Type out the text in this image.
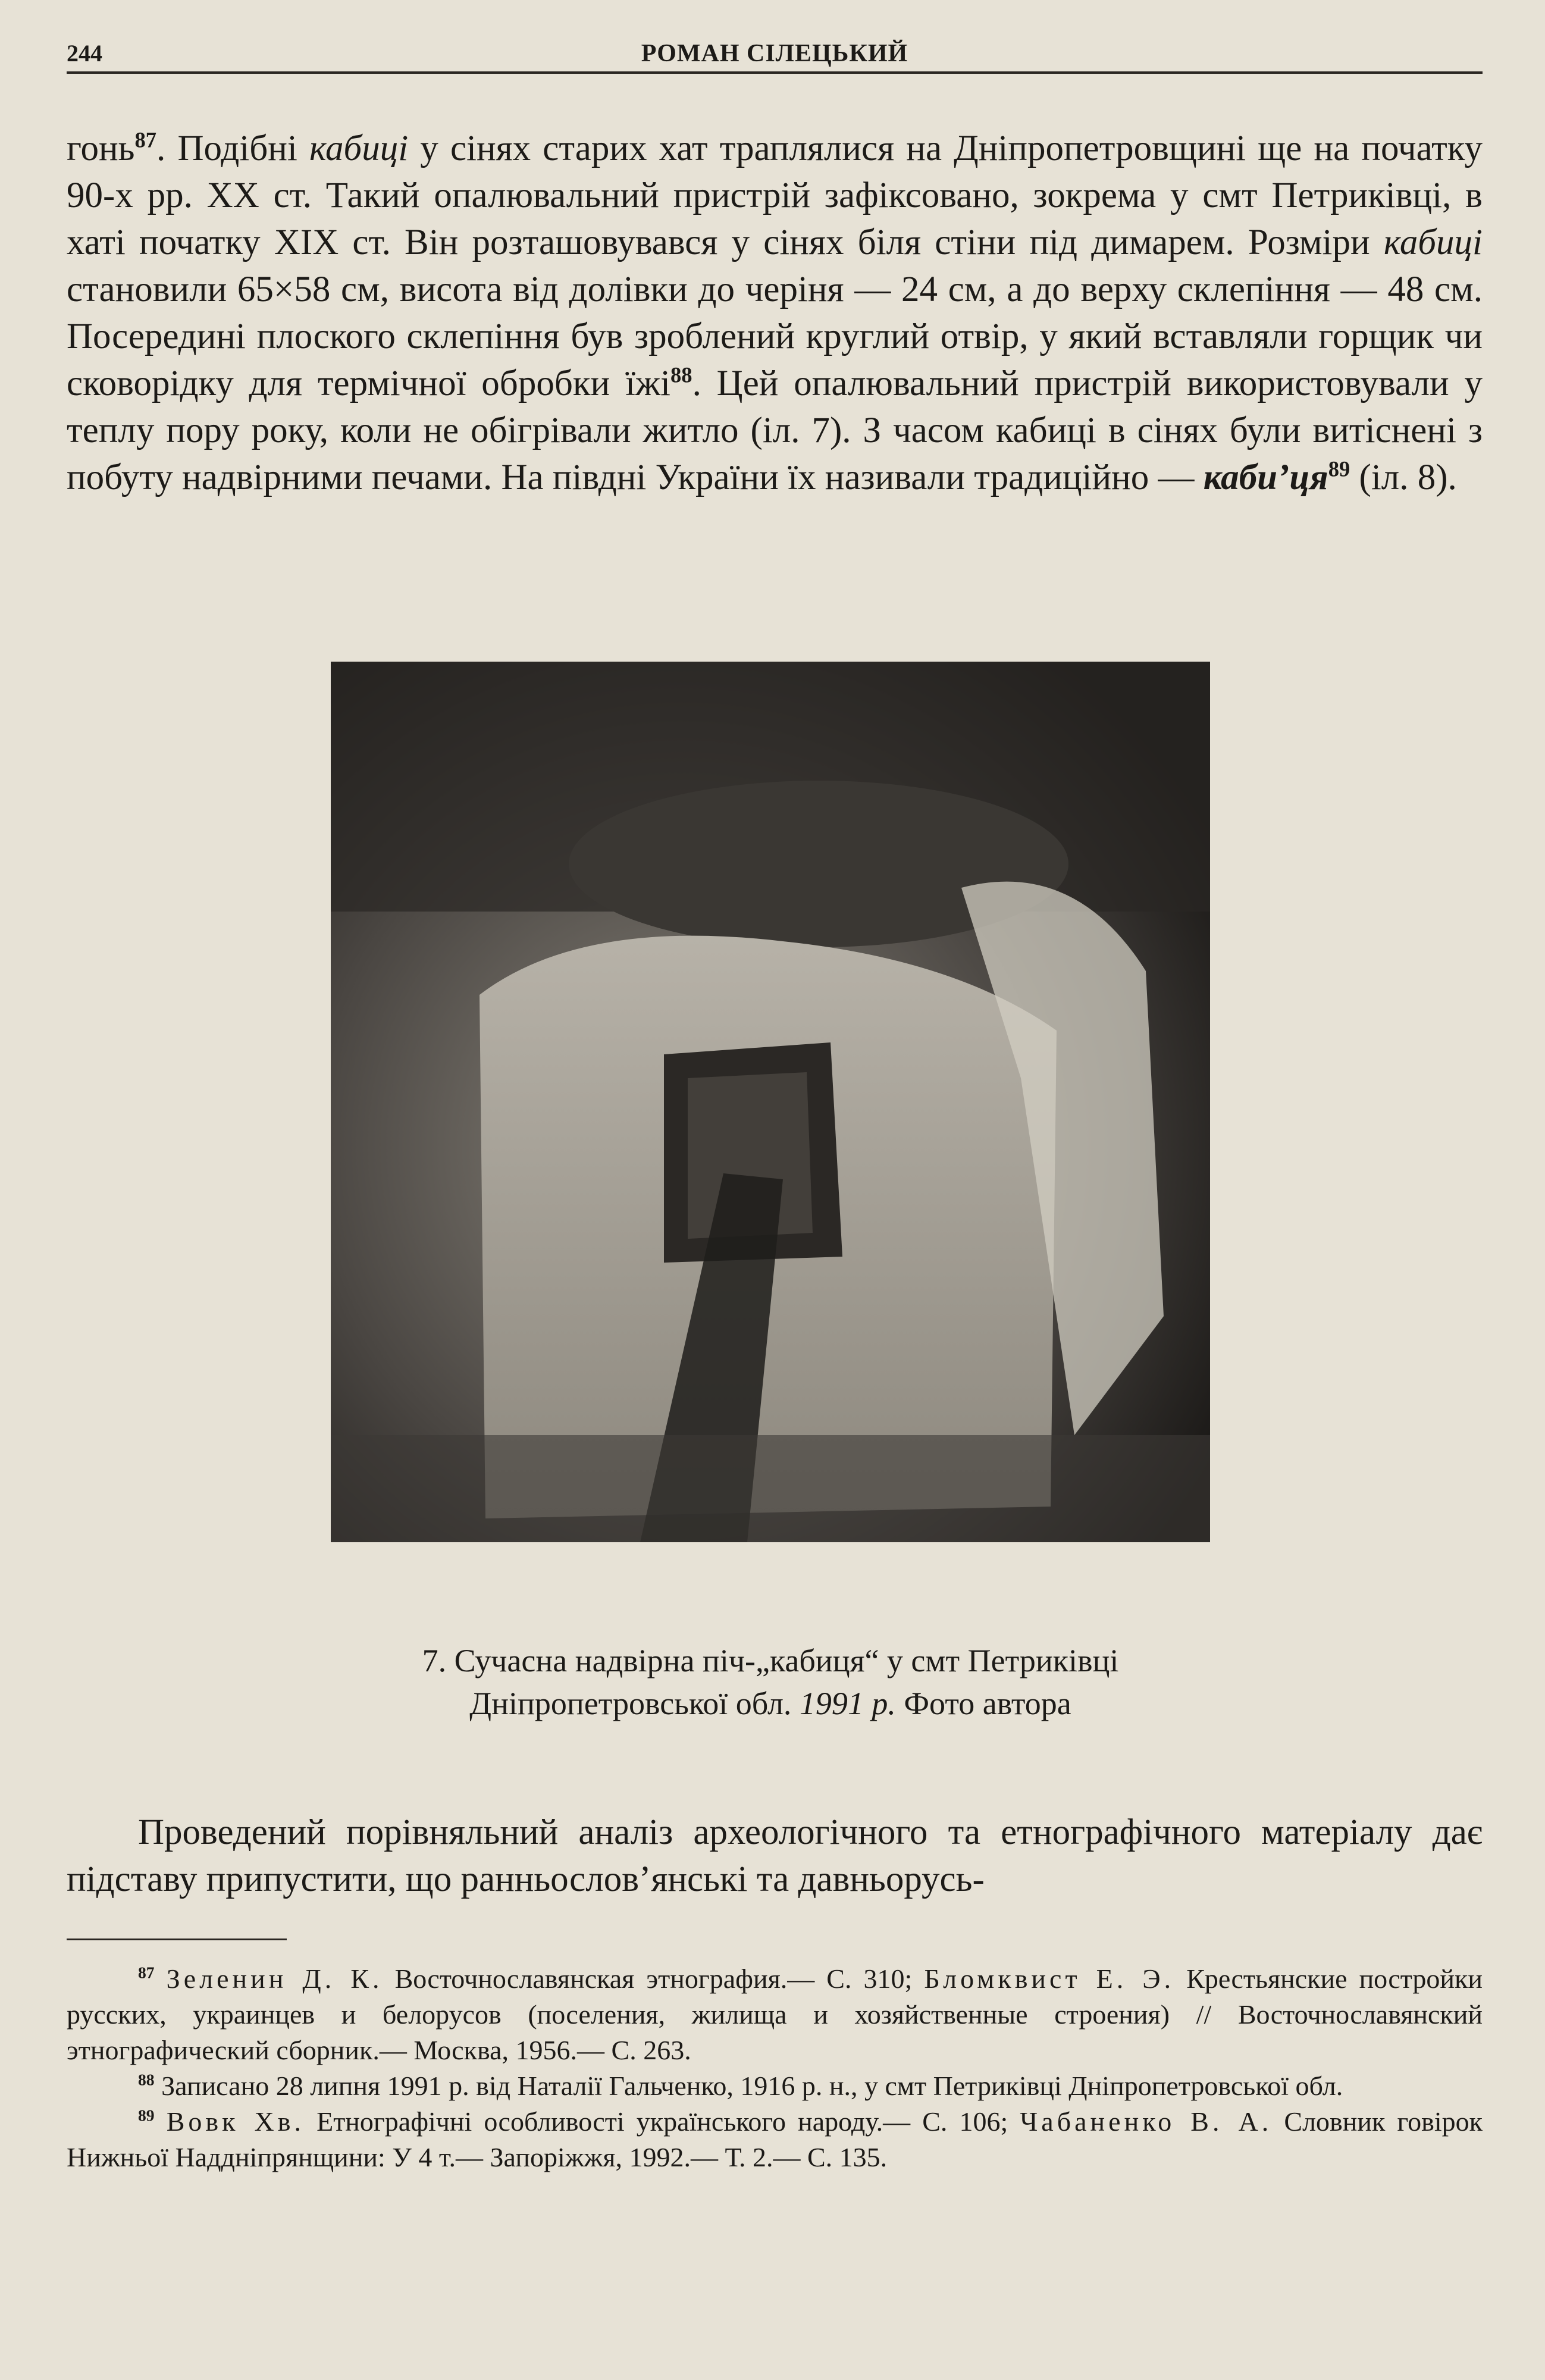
244	РОМАН СІЛЕЦЬКИЙ

гонь$^{87}$. Подібні кабиці у сінях старих хат траплялися на Дніпропетровщині ще на початку 90-х рр. XX ст. Такий опалювальний пристрій зафіксовано, зокрема у смт Петриківці, в хаті початку XIX ст. Він розташовувався у сінях біля стіни під димарем. Розміри кабиці становили 65×58 см, висота від долівки до черіня — 24 см, а до верху склепіння — 48 см. Посередині плоского склепіння був зроблений круглий отвір, у який вставляли горщик чи сковорідку для термічної обробки їжі$^{88}$. Цей опалювальний пристрій використовували у теплу пору року, коли не обігрівали житло (іл. 7). З часом кабиці в сінях були витіснені з побуту надвірними печами. На півдні України їх називали традиційно — $каби’ця^{89}$ (іл. 8).

7. Сучасна надвірна піч-„кабиця“ у смт Петриківці
Дніпропетровської обл. 1991 р. Фото автора
Проведений порівняльний аналіз археологічного та етнографічного матеріалу дає підставу припустити, що ранньослов’янські та давньорусь-

$^{87}$ Зеленин Д. К. Восточнославянская этнография.— С. 310; Бломквист Е. Э. Крестьянские постройки русских, украинцев и белорусов (поселения, жилища и хозяйственные строения) // Восточнославянский этнографический сборник.— Москва, 1956.— С. 263.

$^{88}$ Записано 28 липня 1991 р. від Наталії Гальченко, 1916 р. н., у смт Петриківці Дніпропетровської обл.

$^{89}$ Вовк Хв. Етнографічні особливості українського народу.— С. 106; Чабаненко В. А. Словник говірок Нижньої Наддніпрянщини: У 4 т.— Запоріжжя, 1992.— Т. 2.— С. 135.
